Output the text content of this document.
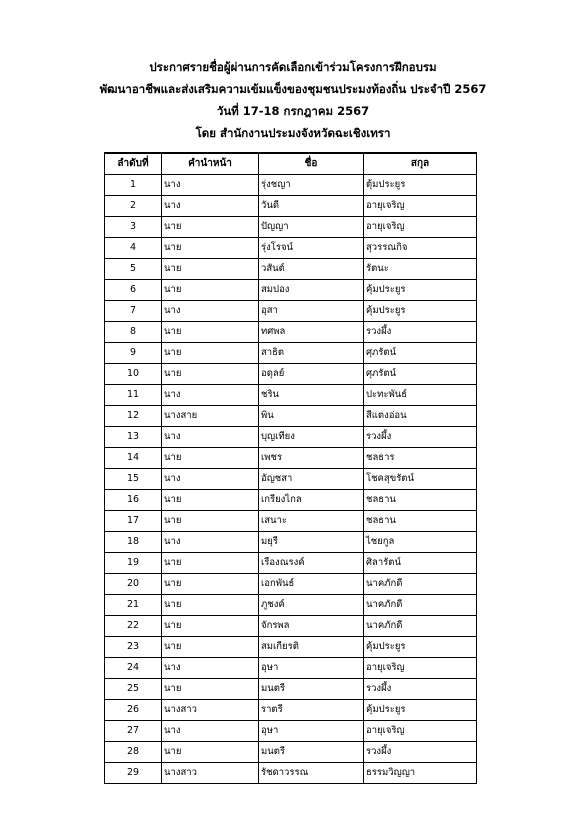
ประกาศรายชื่อผู้ผ่านการคัดเลือกเข้าร่วมโครงการฝึกอบรม
พัฒนาอาชีพและส่งเสริมความเข้มแข็งของชุมชนประมงท้องถิ่น ประจำปี 2567
วันที่ 17-18 กรกฎาคม 2567
โดย สำนักงานประมงจังหวัดฉะเชิงเทรา
ลำดับที่	คำนำหน้า	ชื่อ	สกุล
1	นาง	รุ่งชญา	ตุ้มประยูร
2	นาง	วันดี	อายุเจริญ
3	นาย	ปัญญา	อายุเจริญ
4	นาย	รุ่งโรจน์	สุวรรณกิจ
5	นาย	วสันต์	รัตนะ
6	นาย	สมปอง	คุ้มประยูร
7	นาง	อุสา	คุ้มประยูร
8	นาย	ทศพล	รวงผึ้ง
9	นาย	สาธิต	ศุภรัตน์
10	นาย	อดุลย์	ศุภรัตน์
11	นาง	ชริน	ปะทะพันธ์
12	นางสาย	พิน	สีแตงอ่อน
13	นาง	บุญเทียง	รวงผึ้ง
14	นาย	เพชร	ชลธาร
15	นาง	อัญชสา	โชคสุขรัตน์
16	นาย	เกรียงไกล	ชลธาน
17	นาย	เสนาะ	ชลธาน
18	นาง	มยุรี	ไชยกูล
19	นาย	เรืองณรงค์	ศิลารัตน์
20	นาย	เอกพันธ์	นาคภักดี
21	นาย	ภูชงค์	นาคภักดี
22	นาย	จักรพล	นาคภักดี
23	นาย	สมเกียรติ	คุ้มประยูร
24	นาง	อุษา	อายุเจริญ
25	นาย	มนตรี	รวงผึ้ง
26	นางสาว	ราตรี	คุ้มประยูร
27	นาง	อุษา	อายุเจริญ
28	นาย	มนตรี	รวงผึ้ง
29	นางสาว	รัชดาวรรณ	ธรรมวิญญา
